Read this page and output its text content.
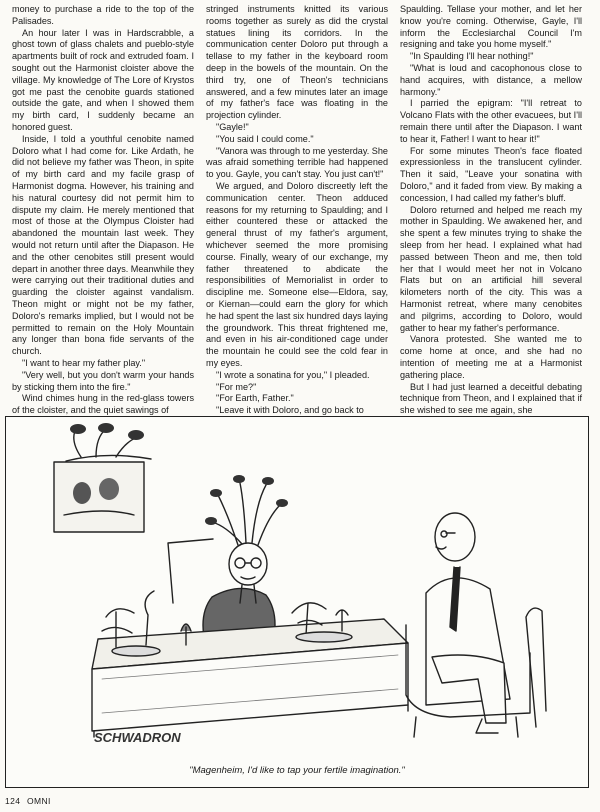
money to purchase a ride to the top of the Palisades.

An hour later I was in Hardscrabble, a ghost town of glass chalets and pueblo-style apartments built of rock and extruded foam. I sought out the Harmonist cloister above the village. My knowledge of The Lore of Krystos got me past the cenobite guards stationed outside the gate, and when I showed them my birth card, I suddenly became an honored guest.

Inside, I told a youthful cenobite named Doloro what I had come for. Like Ardath, he did not believe my father was Theon, in spite of my birth card and my facile grasp of Harmonist dogma. However, his training and his natural courtesy did not permit him to dispute my claim. He merely mentioned that most of those at the Olympus Cloister had abandoned the mountain last week. They would not return until after the Diapason. He and the other cenobites still present would depart in another three days. Meanwhile they were carrying out their traditional duties and guarding the cloister against vandalism. Theon might or might not be my father, Doloro's remarks implied, but I would not be permitted to remain on the Holy Mountain any longer than bona fide servants of the church.

"I want to hear my father play."

"Very well, but you don't warm your hands by sticking them into the fire."

Wind chimes hung in the red-glass towers of the cloister, and the quiet sawings of

stringed instruments knitted its various rooms together as surely as did the crystal statues lining its corridors. In the communication center Doloro put through a tellase to my father in the keyboard room deep in the bowels of the mountain. On the third try, one of Theon's technicians answered, and a few minutes later an image of my father's face was floating in the projection cylinder.

"Gayle!"

"You said I could come."

"Vanora was through to me yesterday. She was afraid something terrible had happened to you. Gayle, you can't stay. You just can't!"

We argued, and Doloro discreetly left the communication center. Theon adduced reasons for my returning to Spaulding; and I either countered these or attacked the general thrust of my father's argument, whichever seemed the more promising course. Finally, weary of our exchange, my father threatened to abdicate the responsibilities of Memorialist in order to discipline me. Someone else—Eldora, say, or Kiernan—could earn the glory for which he had spent the last six hundred days laying the groundwork. This threat frightened me, and even in his air-conditioned cage under the mountain he could see the cold fear in my eyes.

"I wrote a sonatina for you," I pleaded.

"For me?"

"For Earth, Father."

"Leave it with Doloro, and go back to

Spaulding. Tellase your mother, and let her know you're coming. Otherwise, Gayle, I'll inform the Ecclesiarchal Council I'm resigning and take you home myself."

"In Spaulding I'll hear nothing!"

"What is loud and cacophonous close to hand acquires, with distance, a mellow harmony."

I parried the epigram: "I'll retreat to Volcano Flats with the other evacuees, but I'll remain there until after the Diapason. I want to hear it, Father! I want to hear it!"

For some minutes Theon's face floated expressionless in the translucent cylinder. Then it said, "Leave your sonatina with Doloro," and it faded from view. By making a concession, I had called my father's bluff.

Doloro returned and helped me reach my mother in Spaulding. We awakened her, and she spent a few minutes trying to shake the sleep from her head. I explained what had passed between Theon and me, then told her that I would meet her not in Volcano Flats but on an artificial hill several kilometers north of the city. This was a Harmonist retreat, where many cenobites and pilgrims, according to Doloro, would gather to hear my father's performance.

Vanora protested. She wanted me to come home at once, and she had no intention of meeting me at a Harmonist gathering place.

But I had just learned a deceitful debating technique from Theon, and I explained that if she wished to see me again, she

SCHWADRON
"Magenheim, I'd like to tap your fertile imagination."
124 OMNI
